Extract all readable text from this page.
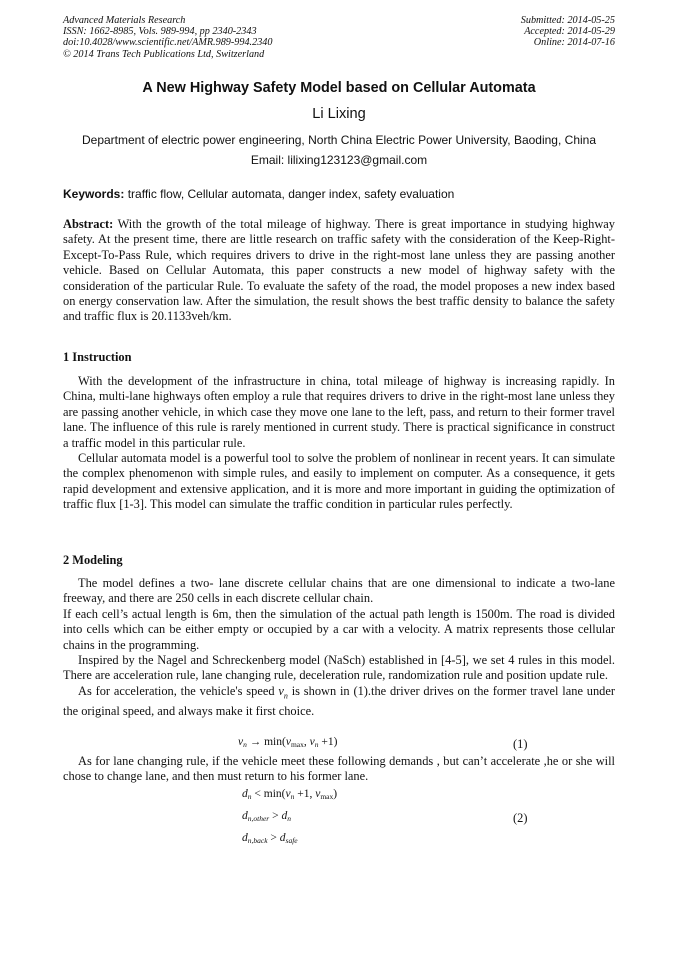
Advanced Materials Research
ISSN: 1662-8985, Vols. 989-994, pp 2340-2343
doi:10.4028/www.scientific.net/AMR.989-994.2340
© 2014 Trans Tech Publications Ltd, Switzerland
Submitted: 2014-05-25
Accepted: 2014-05-29
Online: 2014-07-16
A New Highway Safety Model based on Cellular Automata
Li Lixing
Department of electric power engineering, North China Electric Power University, Baoding, China
Email: lilixing123123@gmail.com
Keywords: traffic flow, Cellular automata, danger index, safety evaluation

Abstract: With the growth of the total mileage of highway. There is great importance in studying highway safety. At the present time, there are little research on traffic safety with the consideration of the Keep-Right-Except-To-Pass Rule, which requires drivers to drive in the right-most lane unless they are passing another vehicle. Based on Cellular Automata, this paper constructs a new model of highway safety with the consideration of the particular Rule. To evaluate the safety of the road, the model proposes a new index based on energy conservation law. After the simulation, the result shows the best traffic density to balance the safety and traffic flux is 20.1133veh/km.

1 Instruction

With the development of the infrastructure in china, total mileage of highway is increasing rapidly. In China, multi-lane highways often employ a rule that requires drivers to drive in the right-most lane unless they are passing another vehicle, in which case they move one lane to the left, pass, and return to their former travel lane. The influence of this rule is rarely mentioned in current study. There is practical significance in construct a traffic model in this particular rule.

Cellular automata model is a powerful tool to solve the problem of nonlinear in recent years. It can simulate the complex phenomenon with simple rules, and easily to implement on computer. As a consequence, it gets rapid development and extensive application, and it is more and more important in guiding the optimization of traffic flux [1-3]. This model can simulate the traffic condition in particular rules perfectly.

2 Modeling

The model defines a two- lane discrete cellular chains that are one dimensional to indicate a two-lane freeway, and there are 250 cells in each discrete cellular chain.

If each cell’s actual length is 6m, then the simulation of the actual path length is 1500m. The road is divided into cells which can be either empty or occupied by a car with a velocity. A matrix represents those cellular chains in the programming.

Inspired by the Nagel and Schreckenberg model (NaSch) established in [4-5], we set 4 rules in this model. There are acceleration rule, lane changing rule, deceleration rule, randomization rule and position update rule.

As for acceleration, the vehicle's speed $v_n$ is shown in (1).the driver drives on the former travel lane under the original speed, and always make it first choice.

$v_n \to \min(v_{max}$, $v_n +1$)	(1)

As for lane changing rule, if the vehicle meet these following demands , but can’t accelerate ,he or she will chose to change lane, and then must return to his former lane.

$d_n < \min(v_n +1$, $v_{max}$)
$d_{n,other} > d_n$
$d_{n,back} > d_{safe}$
(2)
